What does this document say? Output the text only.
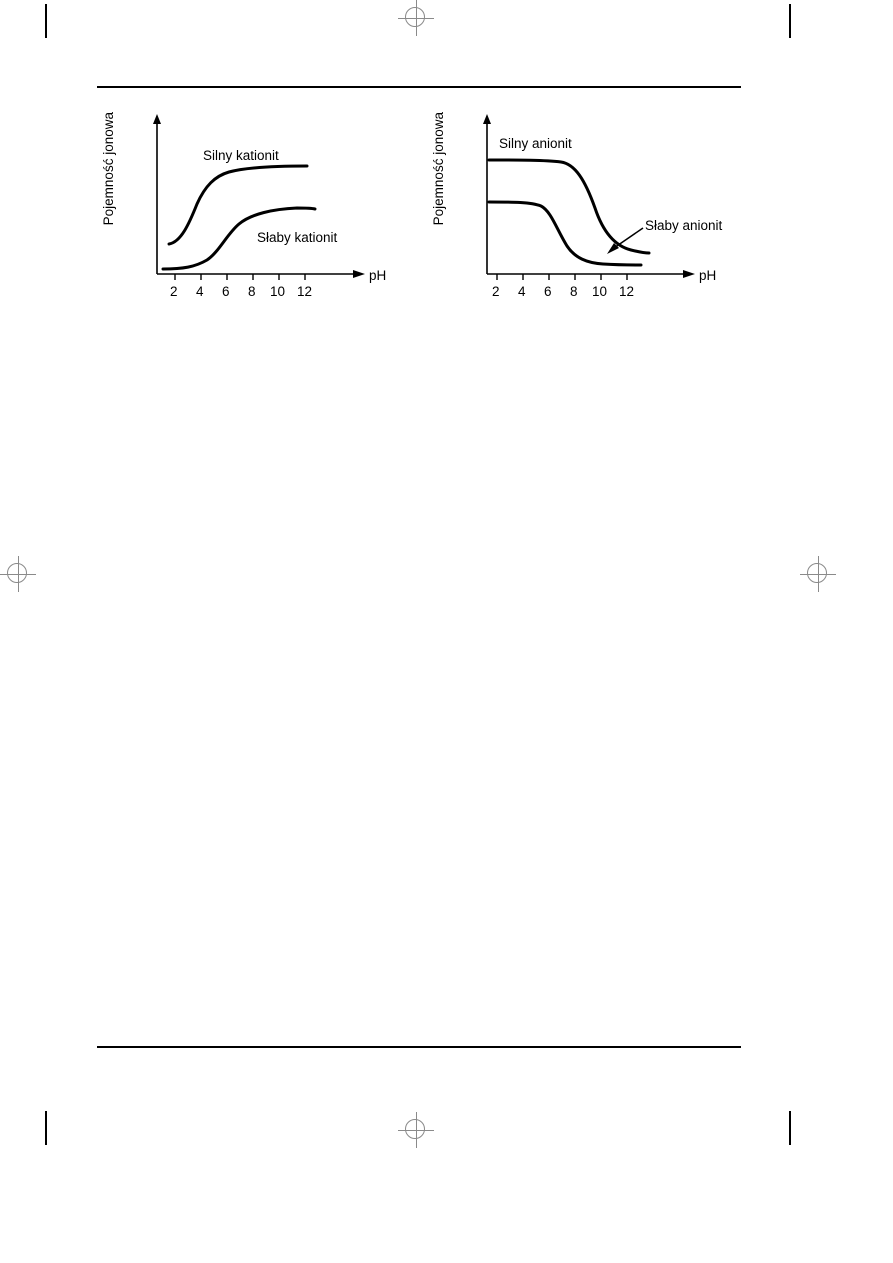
Pojemność jonowa
Silny kationit
Słaby kationit
pH
2 4 6 8 10 12
Pojemność jonowa	Silny anionit
Słaby anionit
pH
2 4 6 8 10 12
